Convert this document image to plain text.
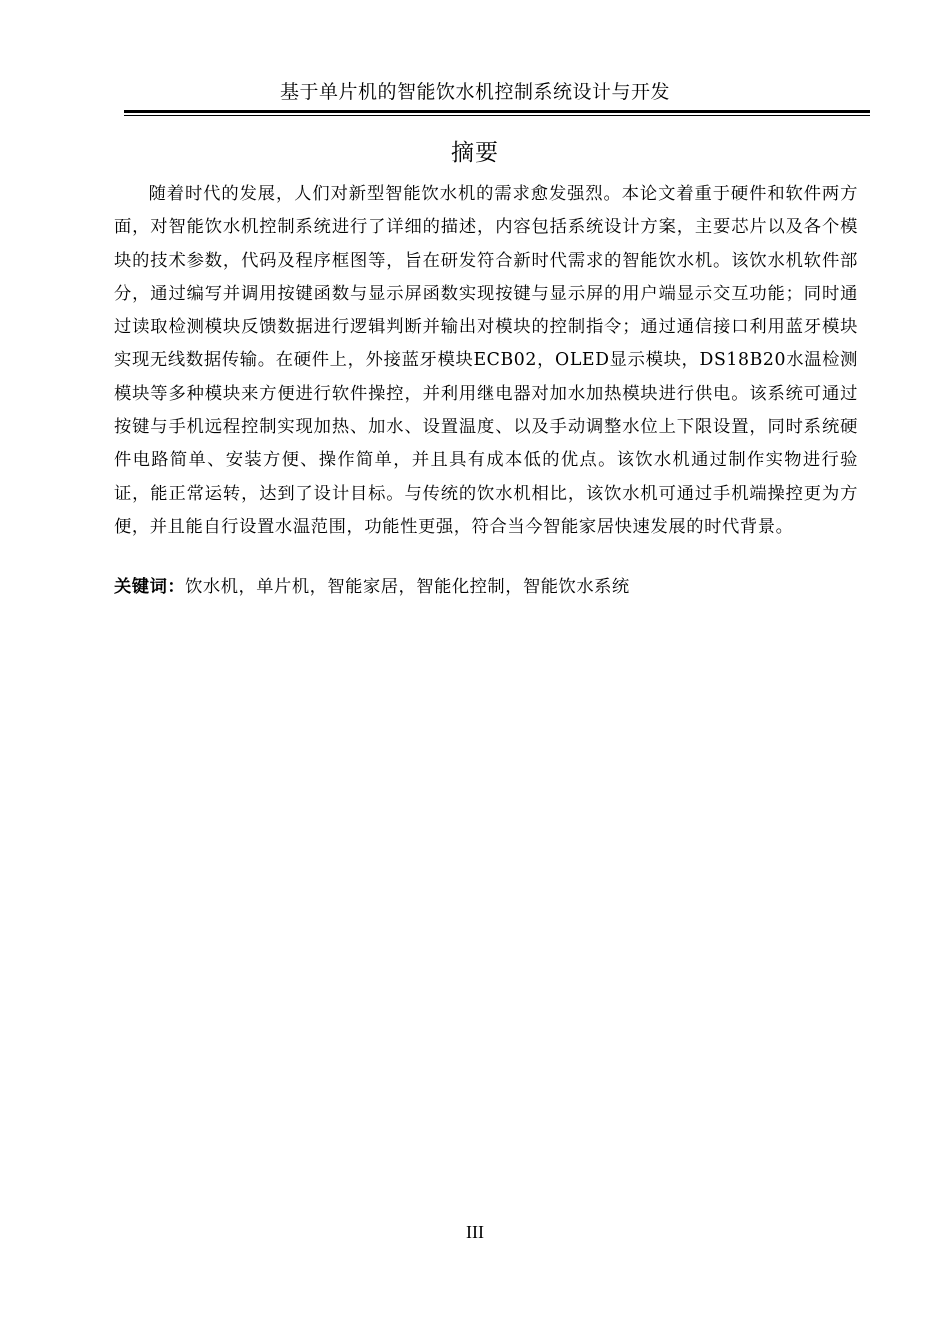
基于单片机的智能饮水机控制系统设计与开发
摘要

随着时代的发展，人们对新型智能饮水机的需求愈发强烈。本论文着重于硬件和软件两方面，对智能饮水机控制系统进行了详细的描述，内容包括系统设计方案，主要芯片以及各个模块的技术参数，代码及程序框图等，旨在研发符合新时代需求的智能饮水机。该饮水机软件部分，通过编写并调用按键函数与显示屏函数实现按键与显示屏的用户端显示交互功能；同时通过读取检测模块反馈数据进行逻辑判断并输出对模块的控制指令；通过通信接口利用蓝牙模块实现无线数据传输。在硬件上，外接蓝牙模块ECB02，OLED显示模块，DS18B20水温检测模块等多种模块来方便进行软件操控，并利用继电器对加水加热模块进行供电。该系统可通过按键与手机远程控制实现加热、加水、设置温度、以及手动调整水位上下限设置，同时系统硬件电路简单、安装方便、操作简单，并且具有成本低的优点。该饮水机通过制作实物进行验证，能正常运转，达到了设计目标。与传统的饮水机相比，该饮水机可通过手机端操控更为方便，并且能自行设置水温范围，功能性更强，符合当今智能家居快速发展的时代背景。

关键词：饮水机，单片机，智能家居，智能化控制，智能饮水系统

III
